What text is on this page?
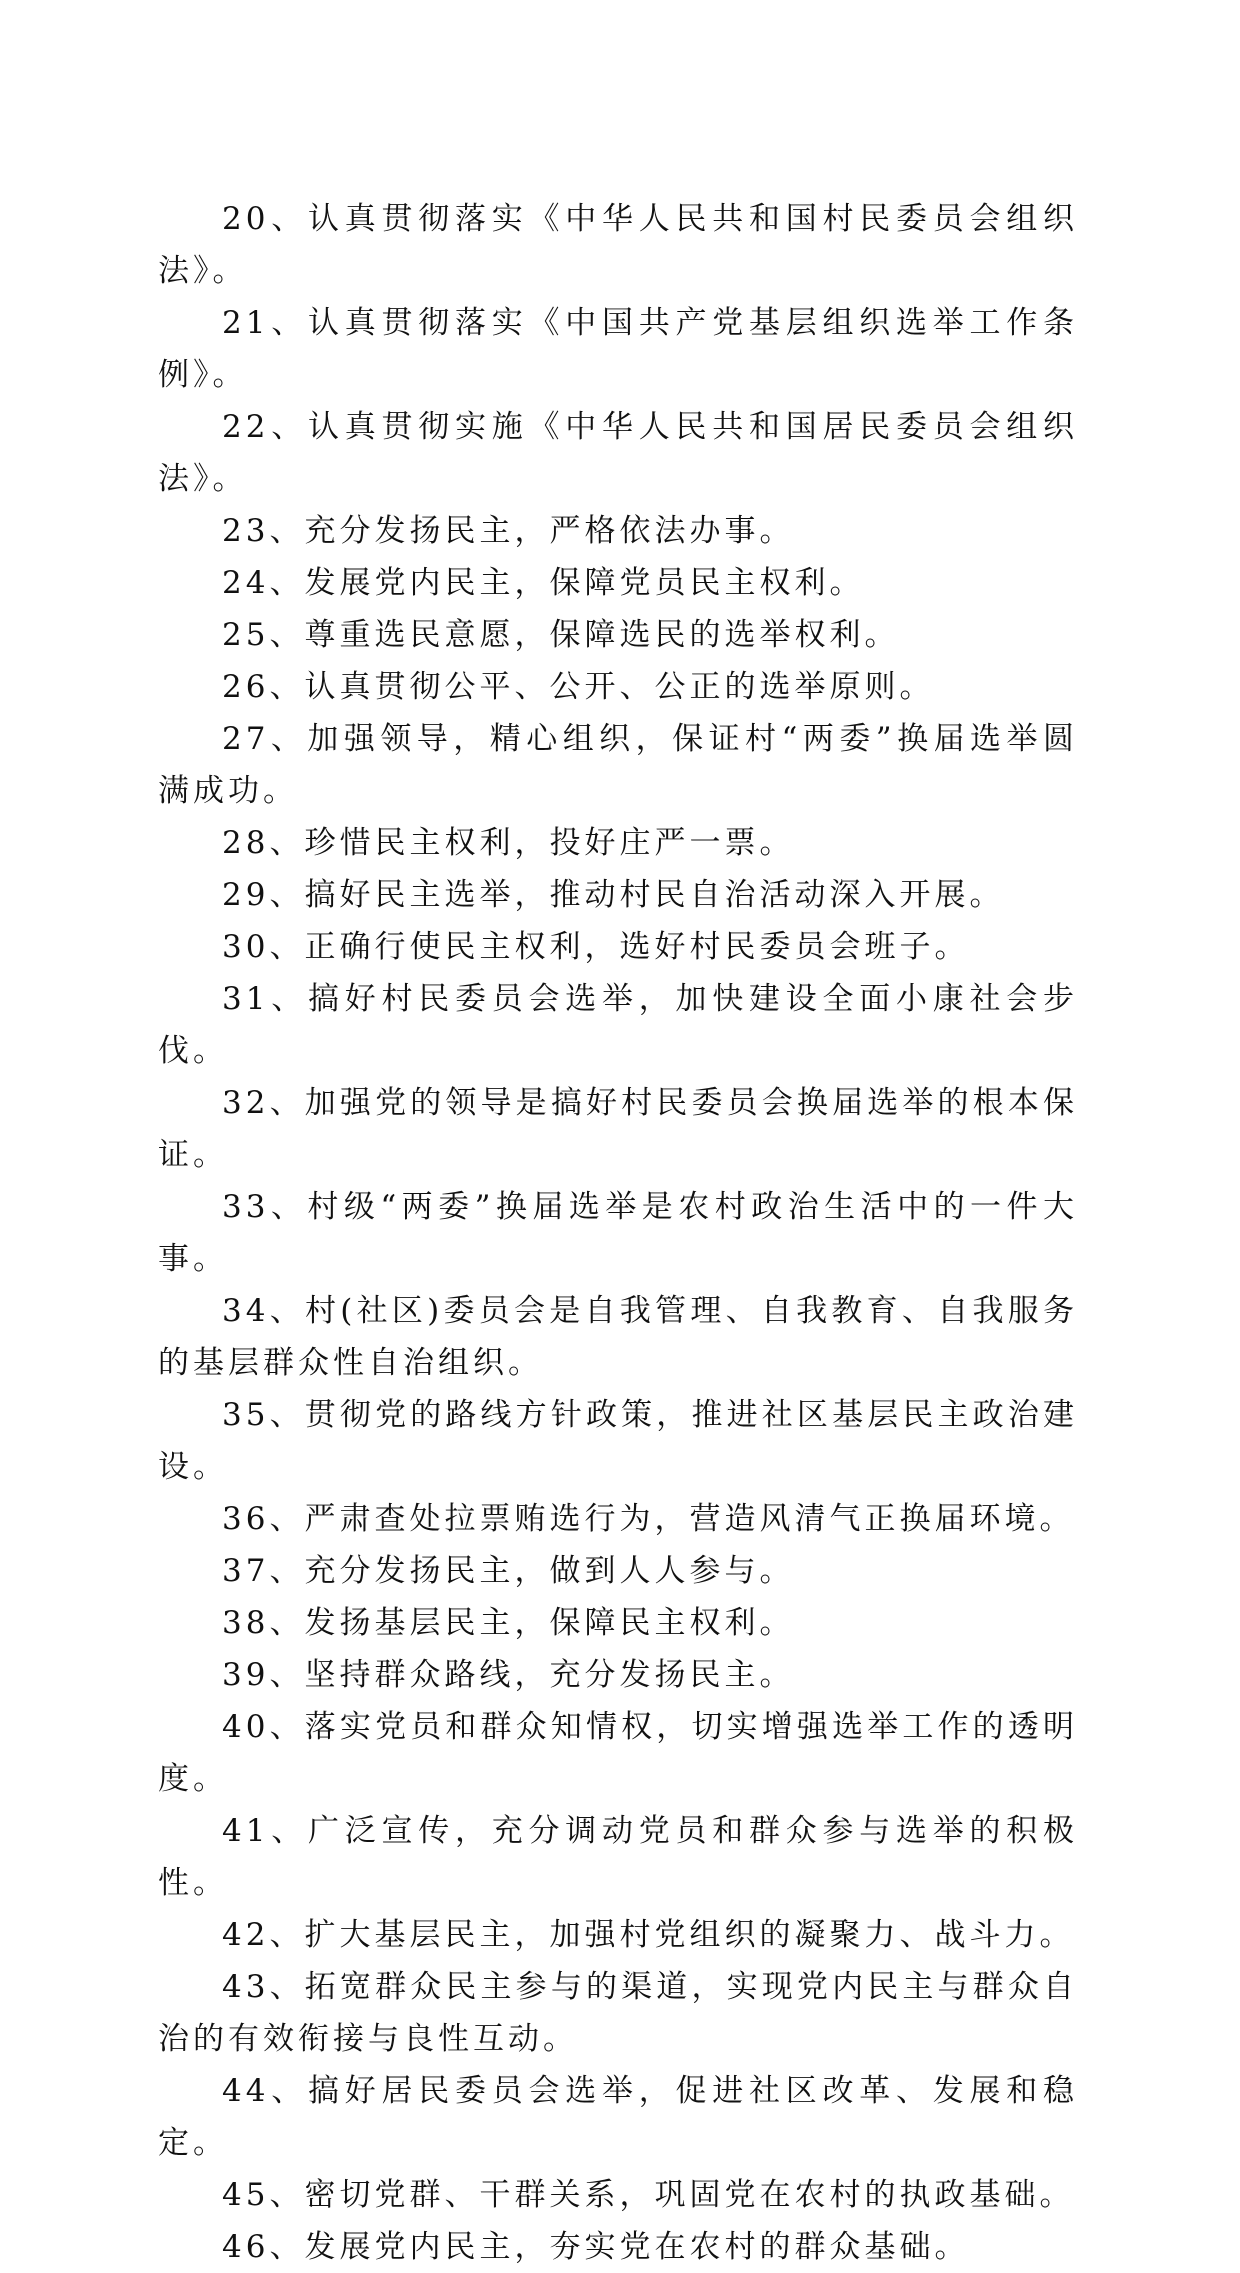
20、认真贯彻落实《中华人民共和国村民委员会组织法》。

21、认真贯彻落实《中国共产党基层组织选举工作条例》。

22、认真贯彻实施《中华人民共和国居民委员会组织法》。

23、充分发扬民主，严格依法办事。

24、发展党内民主，保障党员民主权利。

25、尊重选民意愿，保障选民的选举权利。

26、认真贯彻公平、公开、公正的选举原则。

27、加强领导，精心组织，保证村“两委”换届选举圆满成功。

28、珍惜民主权利，投好庄严一票。

29、搞好民主选举，推动村民自治活动深入开展。

30、正确行使民主权利，选好村民委员会班子。

31、搞好村民委员会选举，加快建设全面小康社会步伐。

32、加强党的领导是搞好村民委员会换届选举的根本保证。

33、村级“两委”换届选举是农村政治生活中的一件大事。

34、村(社区)委员会是自我管理、自我教育、自我服务的基层群众性自治组织。

35、贯彻党的路线方针政策，推进社区基层民主政治建设。

36、严肃查处拉票贿选行为，营造风清气正换届环境。

37、充分发扬民主，做到人人参与。

38、发扬基层民主，保障民主权利。

39、坚持群众路线，充分发扬民主。

40、落实党员和群众知情权，切实增强选举工作的透明度。

41、广泛宣传，充分调动党员和群众参与选举的积极性。

42、扩大基层民主，加强村党组织的凝聚力、战斗力。

43、拓宽群众民主参与的渠道，实现党内民主与群众自治的有效衔接与良性互动。

44、搞好居民委员会选举，促进社区改革、发展和稳定。

45、密切党群、干群关系，巩固党在农村的执政基础。

46、发展党内民主，夯实党在农村的群众基础。
